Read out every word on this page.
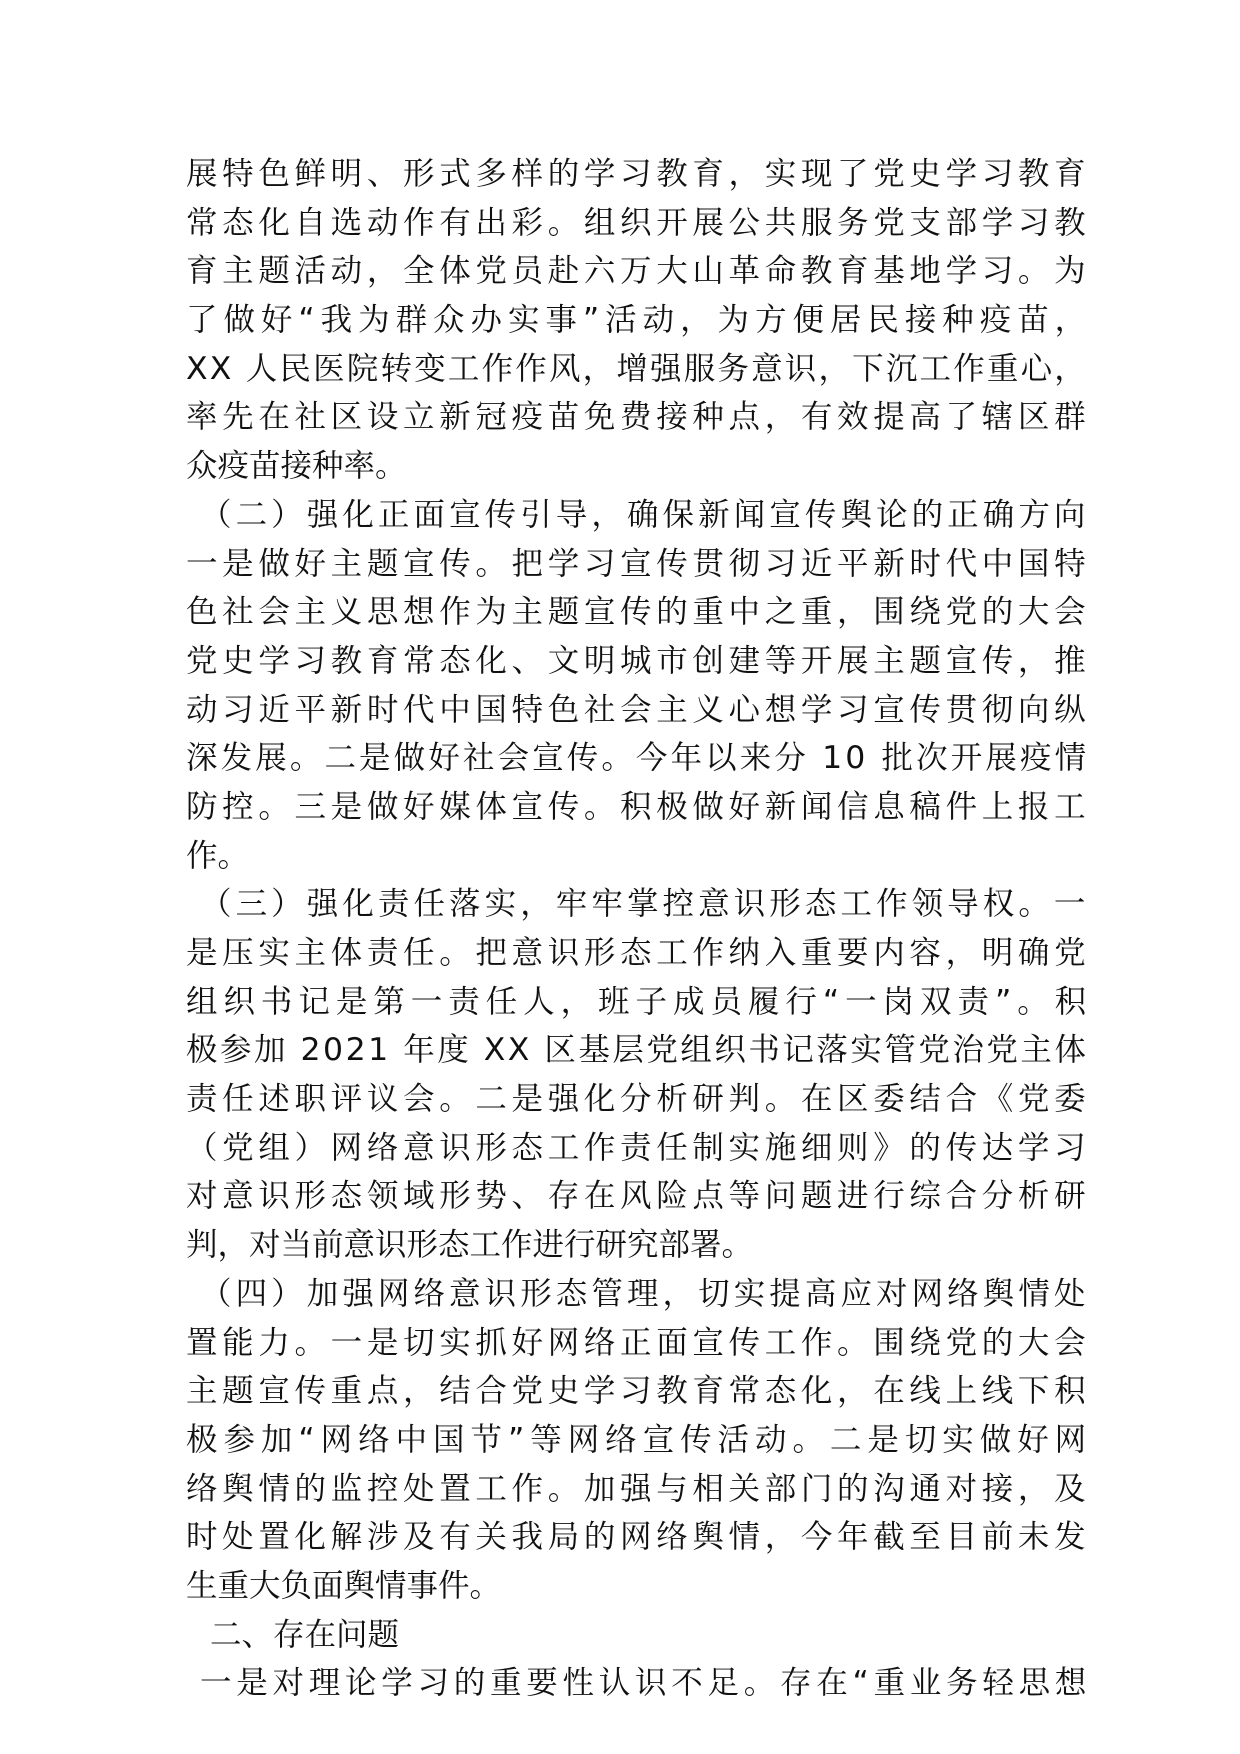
展特色鲜明、形式多样的学习教育，实现了党史学习教育
常态化自选动作有出彩。组织开展公共服务党支部学习教
育主题活动，全体党员赴六万大山革命教育基地学习。为
了做好“我为群众办实事”活动，为方便居民接种疫苗，
XX 人民医院转变工作作风，增强服务意识，下沉工作重心，
率先在社区设立新冠疫苗免费接种点，有效提高了辖区群
众疫苗接种率。
（二）强化正面宣传引导，确保新闻宣传舆论的正确方向
一是做好主题宣传。把学习宣传贯彻习近平新时代中国特
色社会主义思想作为主题宣传的重中之重，围绕党的大会
党史学习教育常态化、文明城市创建等开展主题宣传，推
动习近平新时代中国特色社会主义心想学习宣传贯彻向纵
深发展。二是做好社会宣传。今年以来分 10 批次开展疫情
防控。三是做好媒体宣传。积极做好新闻信息稿件上报工
作。
（三）强化责任落实，牢牢掌控意识形态工作领导权。一
是压实主体责任。把意识形态工作纳入重要内容，明确党
组织书记是第一责任人，班子成员履行“一岗双责”。积
极参加 2021 年度 XX 区基层党组织书记落实管党治党主体
责任述职评议会。二是强化分析研判。在区委结合《党委
（党组）网络意识形态工作责任制实施细则》的传达学习
对意识形态领域形势、存在风险点等问题进行综合分析研
判，对当前意识形态工作进行研究部署。
（四）加强网络意识形态管理，切实提高应对网络舆情处
置能力。一是切实抓好网络正面宣传工作。围绕党的大会
主题宣传重点，结合党史学习教育常态化，在线上线下积
极参加“网络中国节”等网络宣传活动。二是切实做好网
络舆情的监控处置工作。加强与相关部门的沟通对接，及
时处置化解涉及有关我局的网络舆情，今年截至目前未发
生重大负面舆情事件。
二、存在问题
一是对理论学习的重要性认识不足。存在“重业务轻思想
